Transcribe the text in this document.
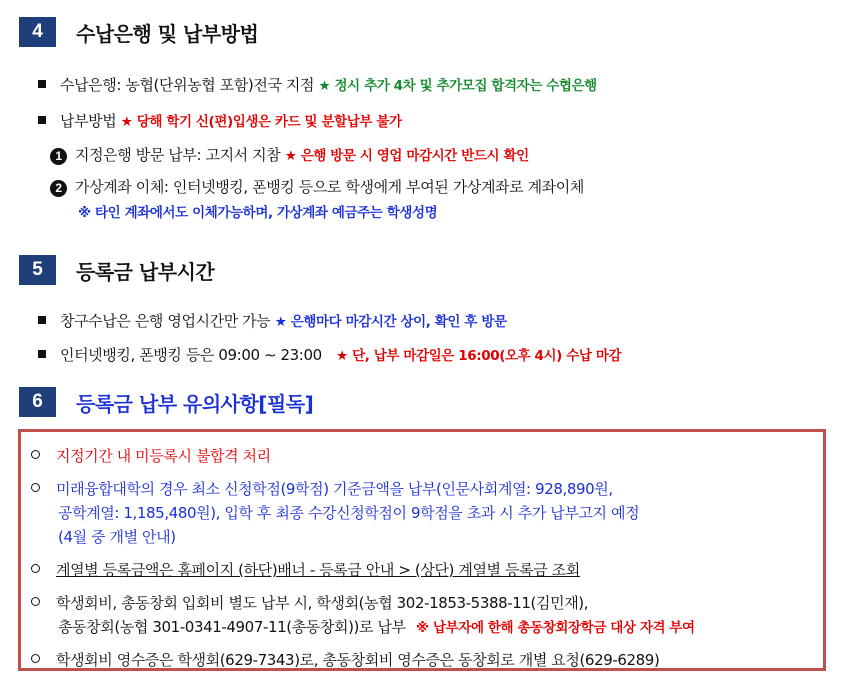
4	수납은행 및 납부방법
수납은행: 농협(단위농협 포함)전국 지점 ★ 정시 추가 4차 및 추가모집 합격자는 수협은행
납부방법 ★ 당해 학기 신(편)입생은 카드 및 분할납부 불가
1 지정은행 방문 납부: 고지서 지참 ★ 은행 방문 시 영업 마감시간 반드시 확인
2 가상계좌 이체: 인터넷뱅킹, 폰뱅킹 등으로 학생에게 부여된 가상계좌로 계좌이체
※ 타인 계좌에서도 이체가능하며, 가상계좌 예금주는 학생성명
5	등록금 납부시간
창구수납은 은행 영업시간만 가능 ★ 은행마다 마감시간 상이, 확인 후 방문
인터넷뱅킹, 폰뱅킹 등은 09:00 ∼ 23:00 ★ 단, 납부 마감일은 16:00(오후 4시) 수납 마감
6	등록금 납부 유의사항[필독]
지정기간 내 미등록시 불합격 처리
미래융합대학의 경우 최소 신청학점(9학점) 기준금액을 납부(인문사회계열: 928,890원,
공학계열: 1,185,480원), 입학 후 최종 수강신청학점이 9학점을 초과 시 추가 납부고지 예정
(4월 중 개별 안내)
계열별 등록금액은 홈페이지 (하단)배너 - 등록금 안내 > (상단) 계열별 등록금 조회
학생회비, 총동창회 입회비 별도 납부 시, 학생회(농협 302-1853-5388-11(김민재),
총동창회(농협 301-0341-4907-11(총동창회))로 납부 ※ 납부자에 한해 총동창회장학금 대상 자격 부여
학생회비 영수증은 학생회(629-7343)로, 총동창회비 영수증은 동창회로 개별 요청(629-6289)
